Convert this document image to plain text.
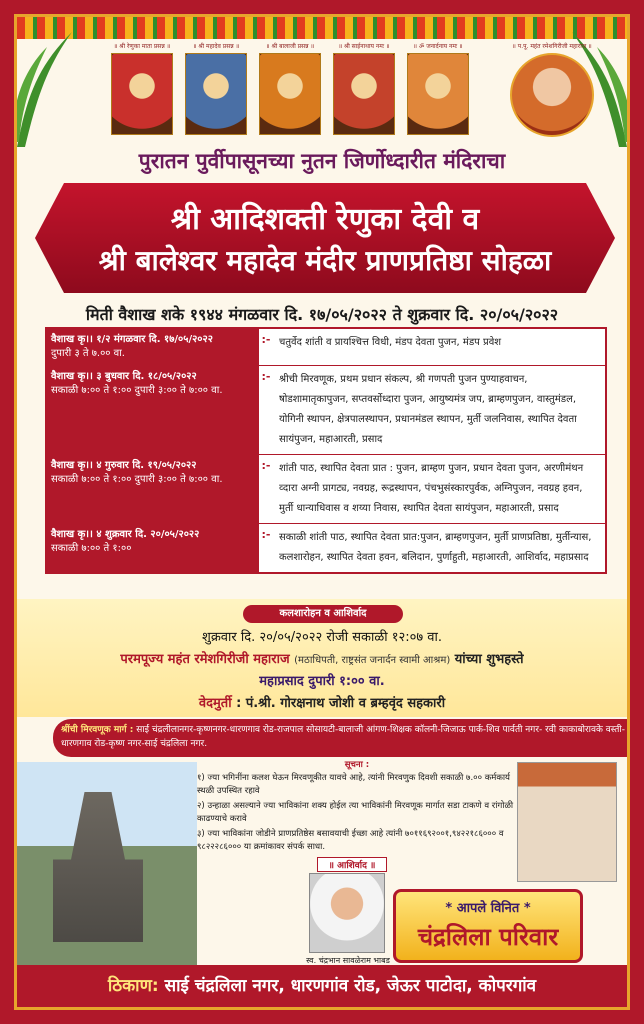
॥ श्री रेणुका माता प्रसन्न ॥	॥ श्री महादेव प्रसन्न ॥	॥ श्री बालाजी प्रसन्न ॥	॥ श्री साईनाथाय नमः ॥	॥ ॐ जनार्दनाय नमः ॥	॥ प.पू. महंत रमेशगिरीजी महाराज ॥
पुरातन पुर्वीपासूनच्या नुतन जिर्णोध्दारीत मंदिराचा
श्री आदिशक्ती रेणुका देवी व
श्री बालेश्वर महादेव मंदीर प्राणप्रतिष्ठा सोहळा
मिती वैशाख शके १९४४ मंगळवार दि. १७/०५/२०२२ ते शुक्रवार दि. २०/०५/२०२२
वैशाख कृ।। १/२ मंगळवार दि. १७/०५/२०२२
दुपारी ३ ते ७.०० वा.
:- चतुर्वेद शांती व प्रायश्चित्त विधी, मंडप देवता पुजन, मंडप प्रवेश
वैशाख कृ।। ३ बुधवार दि. १८/०५/२०२२
सकाळी ७:०० ते १:०० दुपारी ३:०० ते ७:०० वा.
:- श्रीची मिरवणूक, प्रथम प्रधान संकल्प, श्री गणपती पुजन पुण्याहवाचन, षोडशामातृकापुजन, सप्तवर्सोध्दारा पुजन, आयुष्यमंत्र जप, ब्राम्हणपुजन, वास्तुमंडल, योगिनी स्थापन, क्षेत्रपालस्थापन, प्रधानमंडल स्थापन, मुर्ती जलनिवास, स्थापित देवता सायंपुजन, महाआरती, प्रसाद
वैशाख कृ।। ४ गुरुवार दि. १९/०५/२०२२
सकाळी ७:०० ते १:०० दुपारी ३:०० ते ७:०० वा.
:- शांती पाठ, स्थापित देवता प्रात : पुजन, ब्राम्हण पुजन, प्रधान देवता पुजन, अरणीमंथन व्दारा अग्नी प्रागट्य, नवग्रह, रूद्रस्थापन, पंचभुसंस्कारपुर्वक, अग्निपुजन, नवग्रह हवन, मुर्ती धान्याधिवास व शय्या निवास, स्थापित देवता सायंपुजन, महाआरती, प्रसाद
वैशाख कृ।। ४ शुक्रवार दि. २०/०५/२०२२
सकाळी ७:०० ते १:००
:- सकाळी शांती पाठ, स्थापित देवता प्रात:पुजन, ब्राम्हणपुजन, मुर्ती प्राणप्रतिष्ठा, मुर्तीन्यास, कलशारोहन, स्थापित देवता हवन, बलिदान, पुर्णाहुती, महाआरती, आशिर्वाद, महाप्रसाद
कलशारोहन व आशिर्वाद
शुक्रवार दि. २०/०५/२०२२ रोजी सकाळी १२:०७ वा.
परमपूज्य महंत रमेशगिरीजी महाराज (मठाधिपती, राष्ट्रसंत जनार्दन स्वामी आश्रम) यांच्या शुभहस्ते
महाप्रसाद दुपारी १:०० वा.
वेदमुर्ती : पं.श्री. गोरक्षनाथ जोशी व ब्रम्हवृंद सहकारी
श्रींची मिरवणूक मार्ग : साई चंद्रलीलानगर-कृष्णनगर-धारणगाव रोड-राजपाल सोसायटी-बालाजी आंगण-शिक्षक कॉलनी-जिजाऊ पार्क-शिव पार्वती नगर- रवी काकाबोरावके वस्ती-धारणगाव रोड-कृष्ण नगर-साई चंद्रलिला नगर.
सूचना :
१) ज्या भगिनींना कलश घेऊन मिरवणूकीत यावचे आहे, त्यांनी मिरवणुक दिवशी सकाळी ७.०० कर्मकार्य स्थळी उपस्थित रहावे
२) उन्हाळा असल्याने ज्या भाविकांना शक्य होईल त्या भाविकांनी मिरवणूक मार्गात सडा टाकणे व रांगोळी काढण्याचे करावे
३) ज्या भाविकांना जोडीने प्राणप्रतिष्ठेस बसावयाची ईच्छा आहे त्यांनी ७०११६९२००१,९४२२१८६००० व ९८२२२८६००० या क्रमांकावर संपर्क साधा.
॥ आशिर्वाद ॥
स्व. चंद्रभान सावळेराम भाबड
* आपले विनित *
चंद्रलिला परिवार
ठिकाण: साई चंद्रलिला नगर, धारणगांव रोड, जेऊर पाटोदा, कोपरगांव
